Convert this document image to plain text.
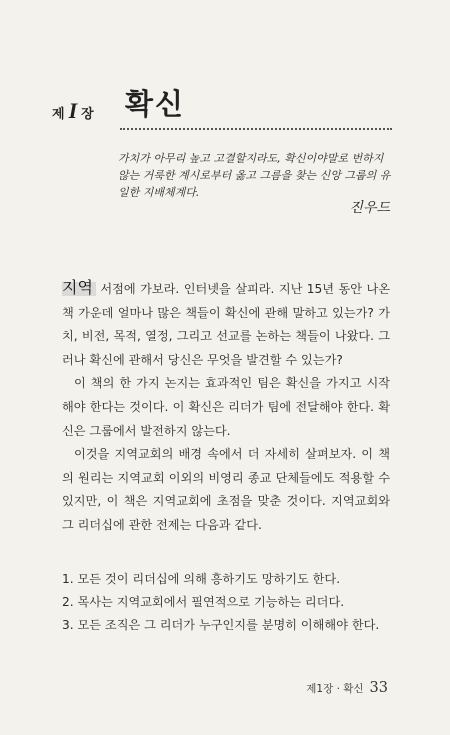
제 I 장 확신
가치가 아무리 높고 고결할지라도, 확신이야말로 번하지 않는 거룩한 계시로부터 옳고 그름을 찾는 신앙 그룹의 유일한 지배체계다.
진우드

지역 서점에 가보라. 인터넷을 살피라. 지난 15년 동안 나온 책 가운데 얼마나 많은 책들이 확신에 관해 말하고 있는가? 가치, 비전, 목적, 열정, 그리고 선교를 논하는 책들이 나왔다. 그러나 확신에 관해서 당신은 무엇을 발견할 수 있는가?

이 책의 한 가지 논지는 효과적인 팀은 확신을 가지고 시작해야 한다는 것이다. 이 확신은 리더가 팀에 전달해야 한다. 확신은 그룹에서 발전하지 않는다.

이것을 지역교회의 배경 속에서 더 자세히 살펴보자. 이 책의 원리는 지역교회 이외의 비영리 종교 단체들에도 적용할 수 있지만, 이 책은 지역교회에 초점을 맞춘 것이다. 지역교회와 그 리더십에 관한 전제는 다음과 같다.

1. 모든 것이 리더십에 의해 흥하기도 망하기도 한다.
2. 목사는 지역교회에서 필연적으로 기능하는 리더다.
3. 모든 조직은 그 리더가 누구인지를 분명히 이해해야 한다.
제1장 · 확신 33
